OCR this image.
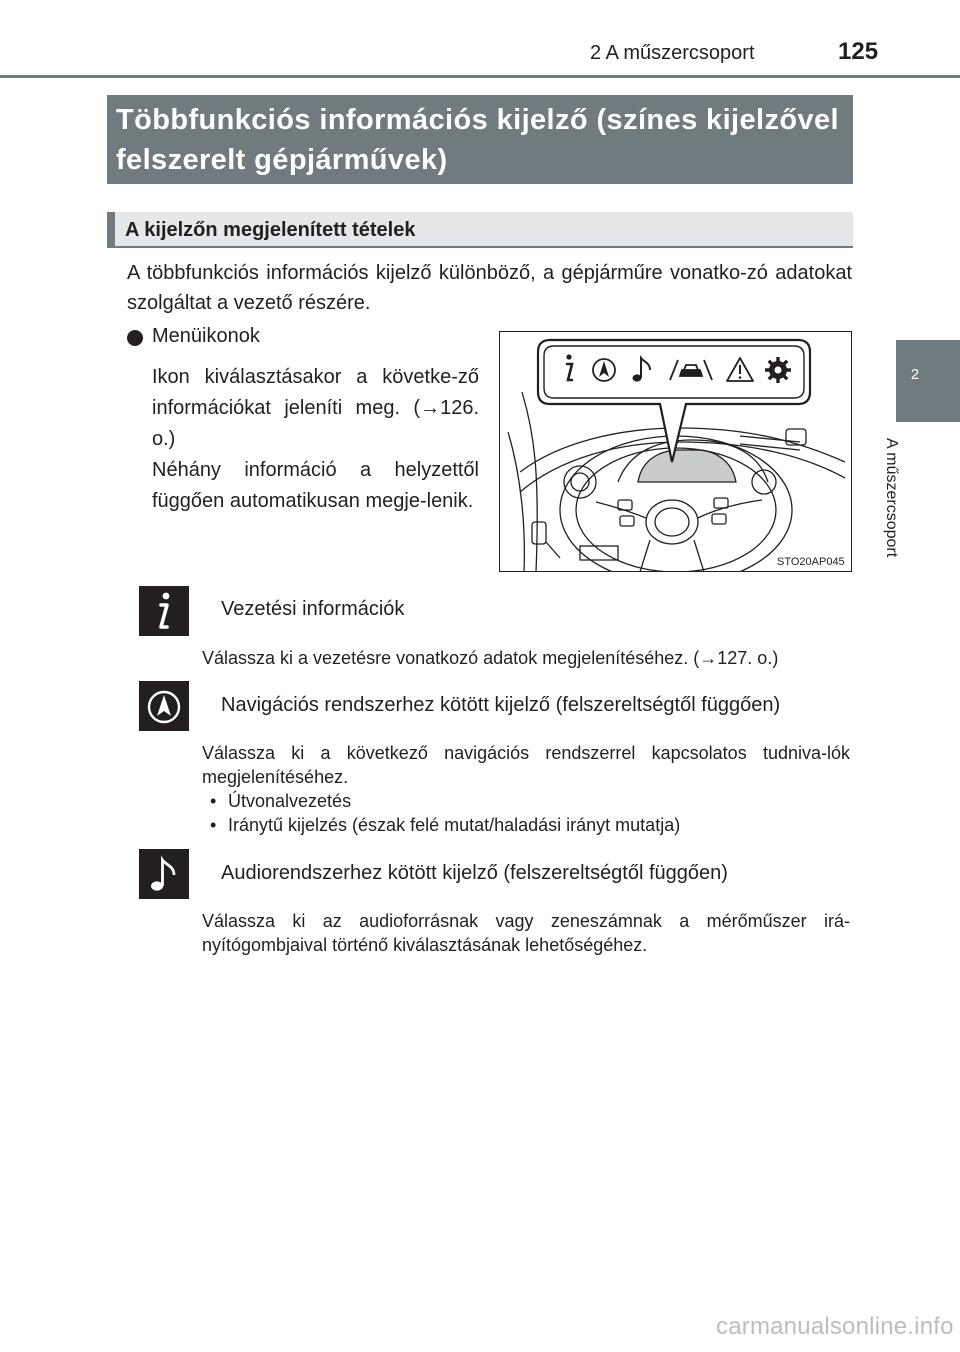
2 A műszercsoport	125
2
A műszercsoport
Többfunkciós információs kijelző (színes kijelzővel felszerelt gépjárművek)
A kijelzőn megjelenített tételek
A többfunkciós információs kijelző különböző, a gépjárműre vonatko-zó adatokat szolgáltat a vezető részére.
Menüikonok

Ikon kiválasztásakor a követke-ző információkat jeleníti meg. (→126. o.)

Néhány információ a helyzettől függően automatikusan megje-lenik.

STO20AP045
Vezetési információk
Válassza ki a vezetésre vonatkozó adatok megjelenítéséhez. (→127. o.)
Navigációs rendszerhez kötött kijelző (felszereltségtől függően)

Válassza ki a következő navigációs rendszerrel kapcsolatos tudniva-lók megjelenítéséhez.

• Útvonalvezetés
• Iránytű kijelzés (észak felé mutat/haladási irányt mutatja)
Audiorendszerhez kötött kijelző (felszereltségtől függően)
Válassza ki az audioforrásnak vagy zeneszámnak a mérőműszer irá-nyítógombjaival történő kiválasztásának lehetőségéhez.
carmanualsonline.info
